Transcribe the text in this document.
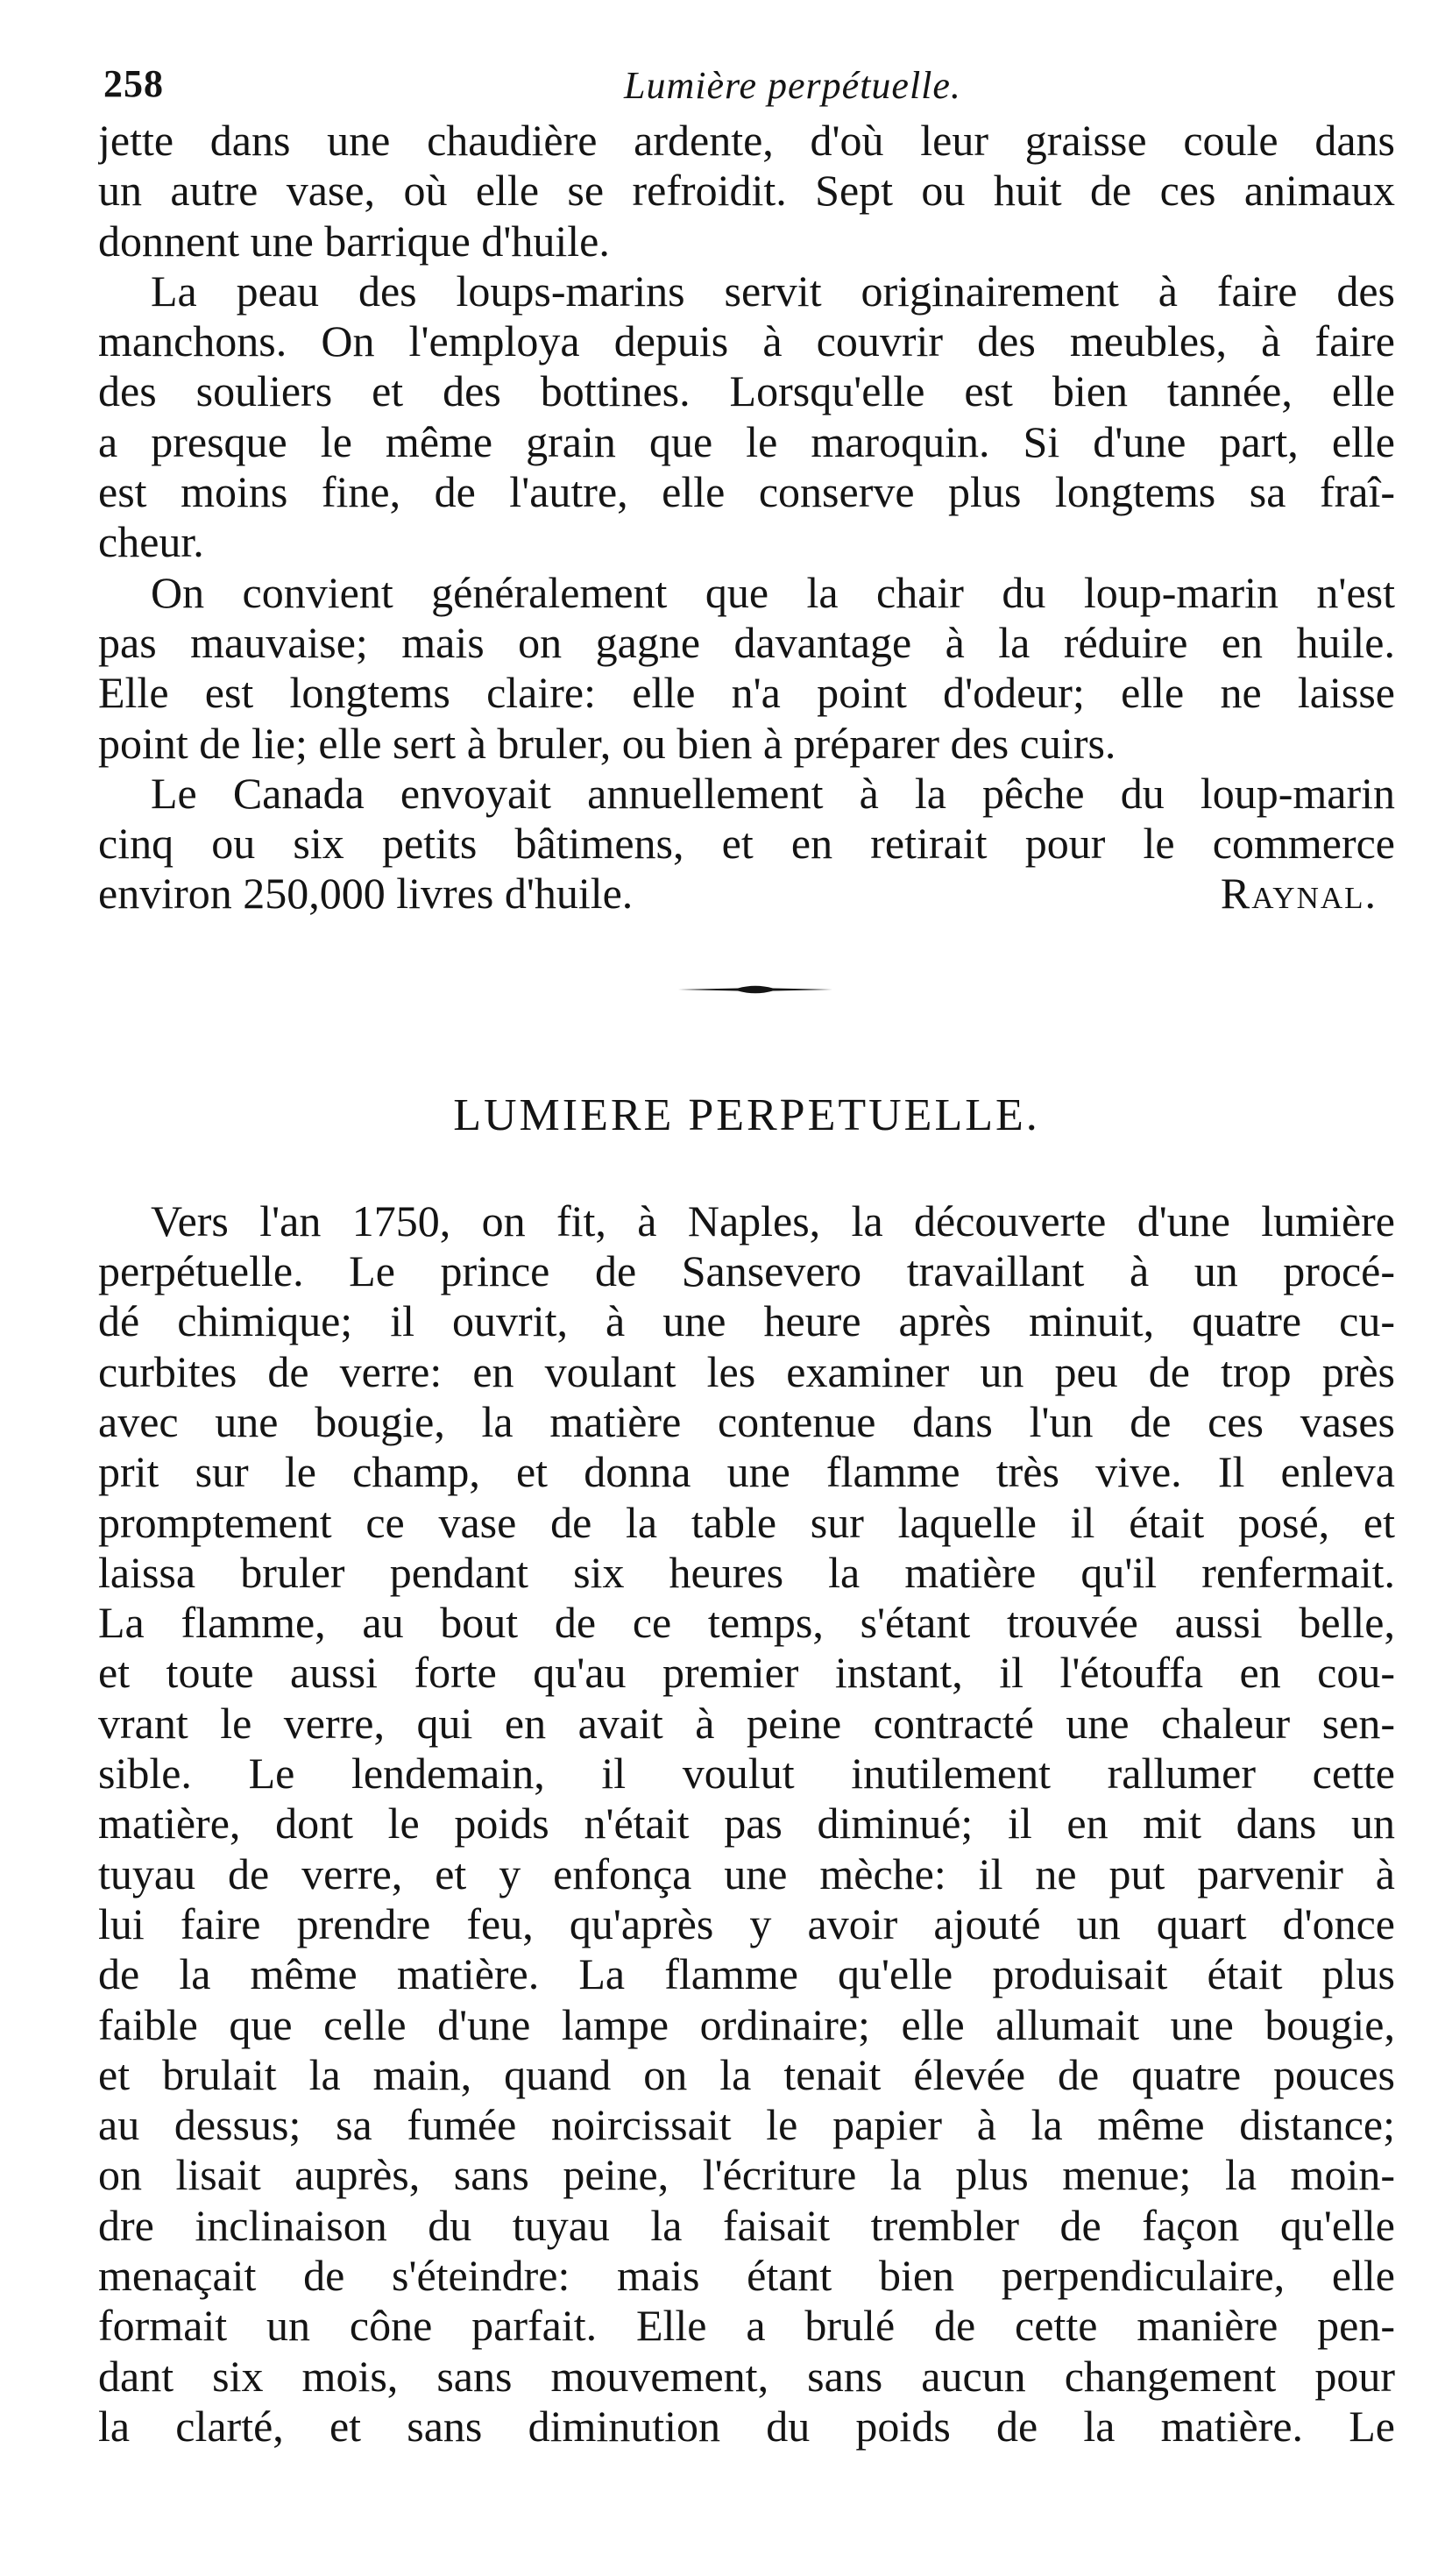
258	Lumière perpétuelle.
jette dans une chaudière ardente, d'où leur graisse coule dans
un autre vase, où elle se refroidit. Sept ou huit de ces animaux
donnent une barrique d'huile.
La peau des loups-marins servit originairement à faire des
manchons. On l'employa depuis à couvrir des meubles, à faire
des souliers et des bottines. Lorsqu'elle est bien tannée, elle
a presque le même grain que le maroquin. Si d'une part, elle
est moins fine, de l'autre, elle conserve plus longtems sa fraî-
cheur.
On convient généralement que la chair du loup-marin n'est
pas mauvaise; mais on gagne davantage à la réduire en huile.
Elle est longtems claire: elle n'a point d'odeur; elle ne laisse
point de lie; elle sert à bruler, ou bien à préparer des cuirs.
Le Canada envoyait annuellement à la pêche du loup-marin
cinq ou six petits bâtimens, et en retirait pour le commerce
environ 250,000 livres d'huile.	Raynal.
LUMIERE PERPETUELLE.
Vers l'an 1750, on fit, à Naples, la découverte d'une lumière
perpétuelle. Le prince de Sansevero travaillant à un procé-
dé chimique; il ouvrit, à une heure après minuit, quatre cu-
curbites de verre: en voulant les examiner un peu de trop près
avec une bougie, la matière contenue dans l'un de ces vases
prit sur le champ, et donna une flamme très vive. Il enleva
promptement ce vase de la table sur laquelle il était posé, et
laissa bruler pendant six heures la matière qu'il renfermait.
La flamme, au bout de ce temps, s'étant trouvée aussi belle,
et toute aussi forte qu'au premier instant, il l'étouffa en cou-
vrant le verre, qui en avait à peine contracté une chaleur sen-
sible. Le lendemain, il voulut inutilement rallumer cette
matière, dont le poids n'était pas diminué; il en mit dans un
tuyau de verre, et y enfonça une mèche: il ne put parvenir à
lui faire prendre feu, qu'après y avoir ajouté un quart d'once
de la même matière. La flamme qu'elle produisait était plus
faible que celle d'une lampe ordinaire; elle allumait une bougie,
et brulait la main, quand on la tenait élevée de quatre pouces
au dessus; sa fumée noircissait le papier à la même distance;
on lisait auprès, sans peine, l'écriture la plus menue; la moin-
dre inclinaison du tuyau la faisait trembler de façon qu'elle
menaçait de s'éteindre: mais étant bien perpendiculaire, elle
formait un cône parfait. Elle a brulé de cette manière pen-
dant six mois, sans mouvement, sans aucun changement pour
la clarté, et sans diminution du poids de la matière. Le
